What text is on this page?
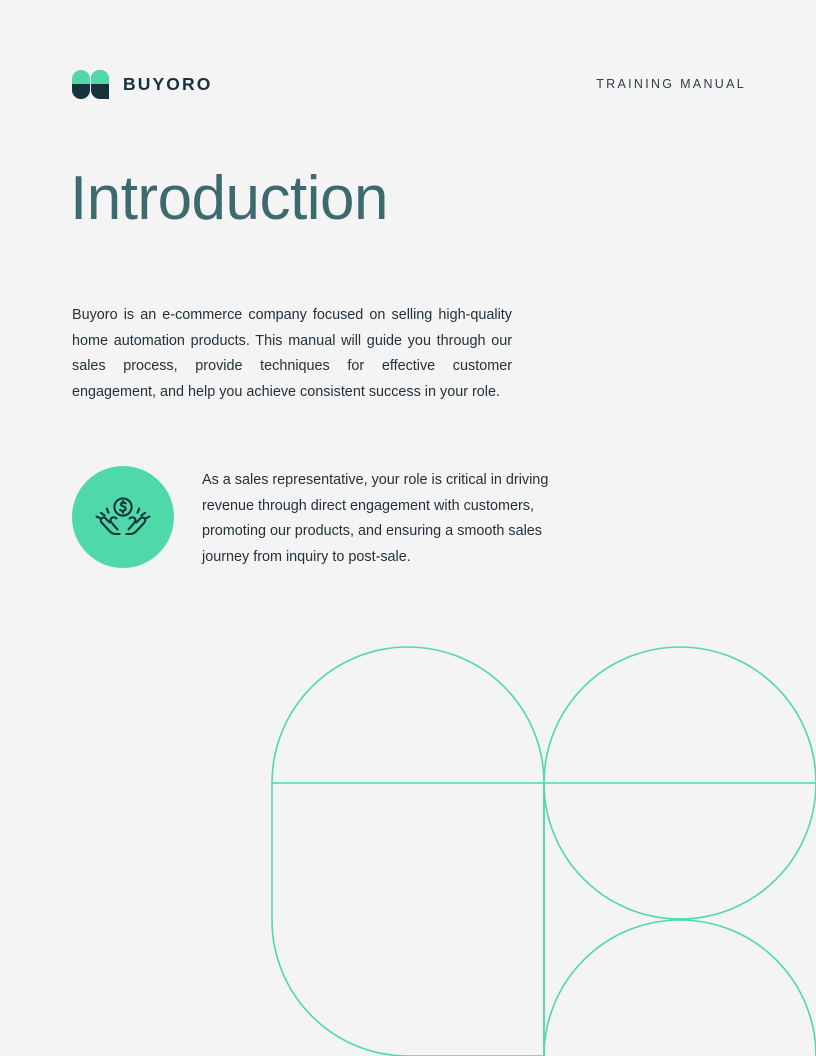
BUYORO	TRAINING MANUAL
Introduction

Buyoro is an e-commerce company focused on selling high-quality home automation products. This manual will guide you through our sales process, provide techniques for effective customer engagement, and help you achieve consistent success in your role.

As a sales representative, your role is critical in driving revenue through direct engagement with customers, promoting our products, and ensuring a smooth sales journey from inquiry to post-sale.
